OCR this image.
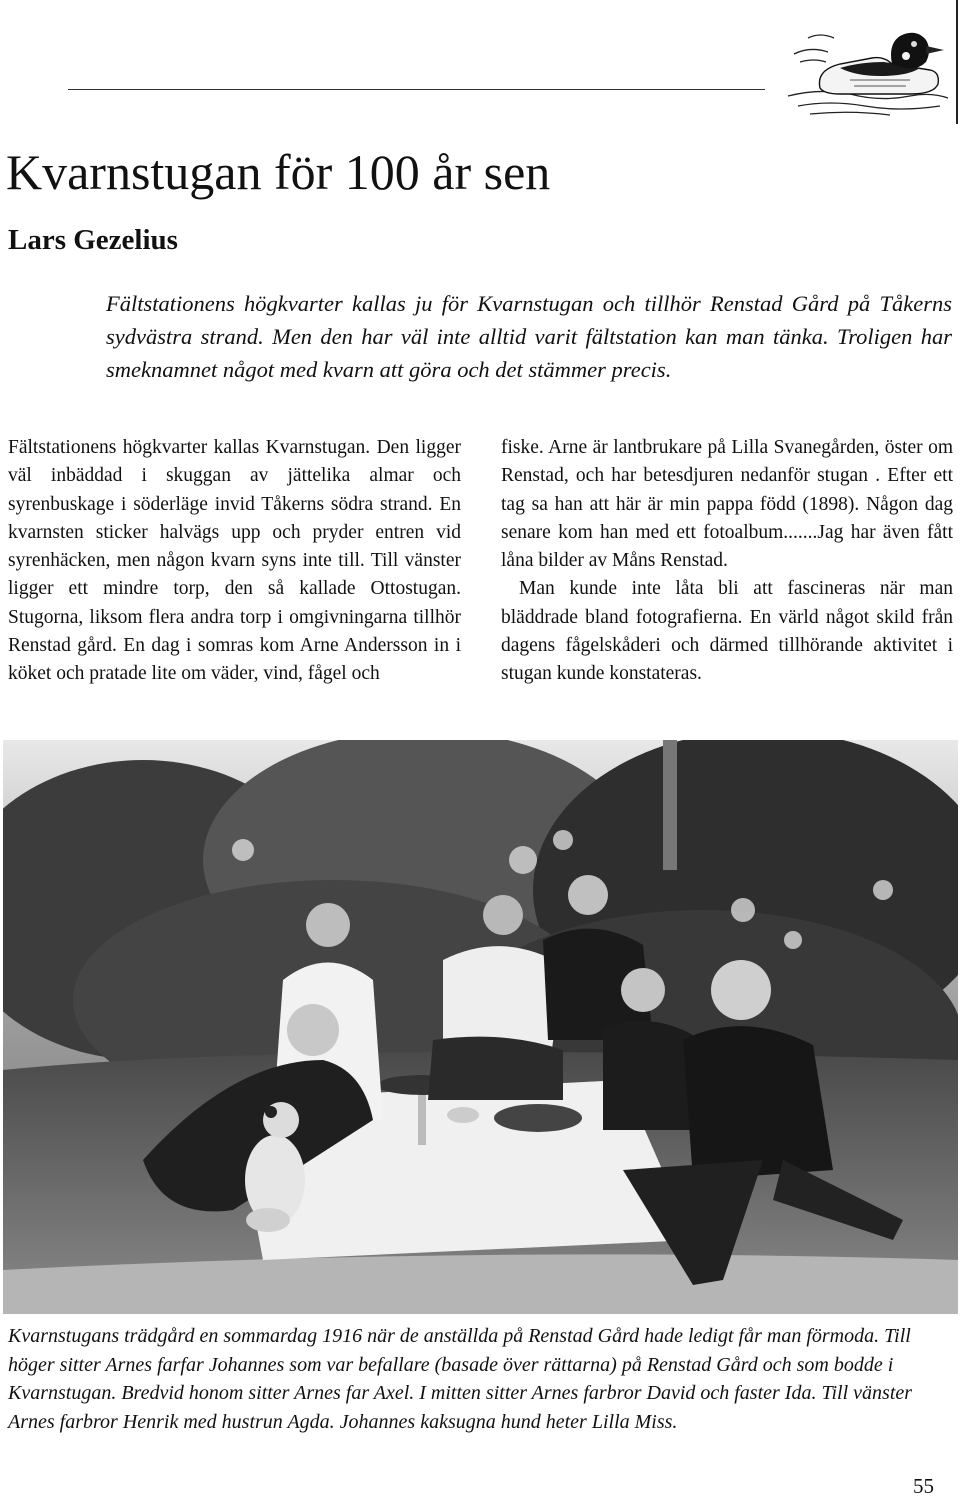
Kvarnstugan för 100 år sen
Lars Gezelius

Fältstationens högkvarter kallas ju för Kvarnstugan och tillhör Renstad Gård på Tåkerns sydvästra strand. Men den har väl inte alltid varit fältstation kan man tänka. Troligen har smeknamnet något med kvarn att göra och det stämmer precis.

Fältstationens högkvarter kallas Kvarnstugan. Den ligger väl inbäddad i skuggan av jättelika almar och syrenbuskage i söderläge invid Tåkerns södra strand. En kvarnsten sticker halvägs upp och pryder entren vid syrenhäcken, men någon kvarn syns inte till. Till vänster ligger ett mindre torp, den så kallade Ottostugan. Stugorna, liksom flera andra torp i omgivningarna tillhör Renstad gård. En dag i somras kom Arne Andersson in i köket och pratade lite om väder, vind, fågel och

fiske. Arne är lantbrukare på Lilla Svanegården, öster om Renstad, och har betesdjuren nedanför stugan . Efter ett tag sa han att här är min pappa född (1898). Någon dag senare kom han med ett fotoalbum.......Jag har även fått låna bilder av Måns Renstad.

Man kunde inte låta bli att fascineras när man bläddrade bland fotografierna. En värld något skild från dagens fågelskåderi och därmed tillhörande aktivitet i stugan kunde konstateras.

Kvarnstugans trädgård en sommardag 1916 när de anställda på Renstad Gård hade ledigt får man förmoda. Till höger sitter Arnes farfar Johannes som var befallare (basade över rättarna) på Renstad Gård och som bodde i Kvarnstugan. Bredvid honom sitter Arnes far Axel. I mitten sitter Arnes farbror David och faster Ida. Till vänster Arnes farbror Henrik med hustrun Agda. Johannes kaksugna hund heter Lilla Miss.

55
